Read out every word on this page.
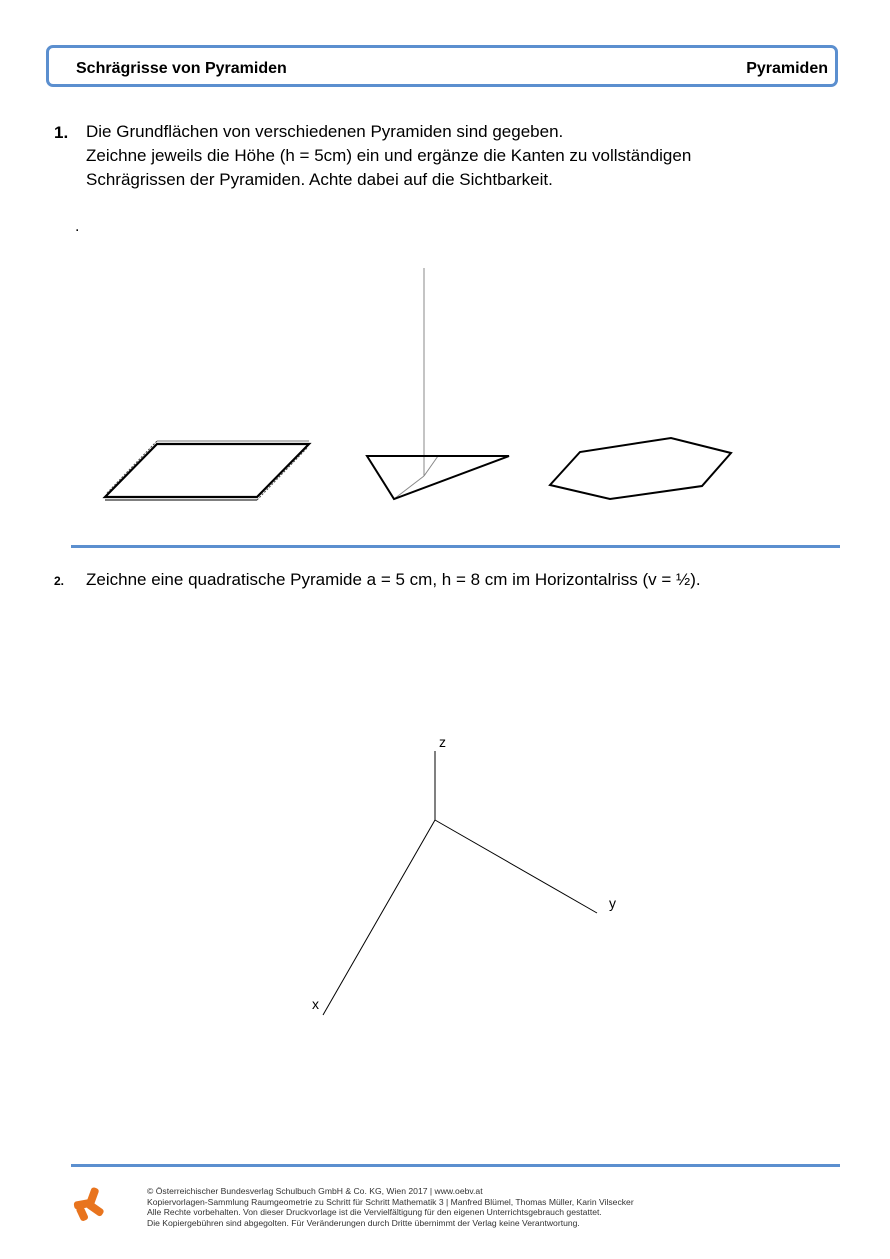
Schrägrisse von Pyramiden	Pyramiden
1. Die Grundflächen von verschiedenen Pyramiden sind gegeben.
Zeichne jeweils die Höhe (h = 5cm) ein und ergänze die Kanten zu vollständigen
Schrägrissen der Pyramiden. Achte dabei auf die Sichtbarkeit.
.
2. Zeichne eine quadratische Pyramide a = 5 cm, h = 8 cm im Horizontalriss (v = ½).
z
y
x
© Österreichischer Bundesverlag Schulbuch GmbH & Co. KG, Wien 2017 | www.oebv.at
Kopiervorlagen-Sammlung Raumgeometrie zu Schritt für Schritt Mathematik 3 | Manfred Blümel, Thomas Müller, Karin Vilsecker
Alle Rechte vorbehalten. Von dieser Druckvorlage ist die Vervielfältigung für den eigenen Unterrichtsgebrauch gestattet.
Die Kopiergebühren sind abgegolten. Für Veränderungen durch Dritte übernimmt der Verlag keine Verantwortung.
